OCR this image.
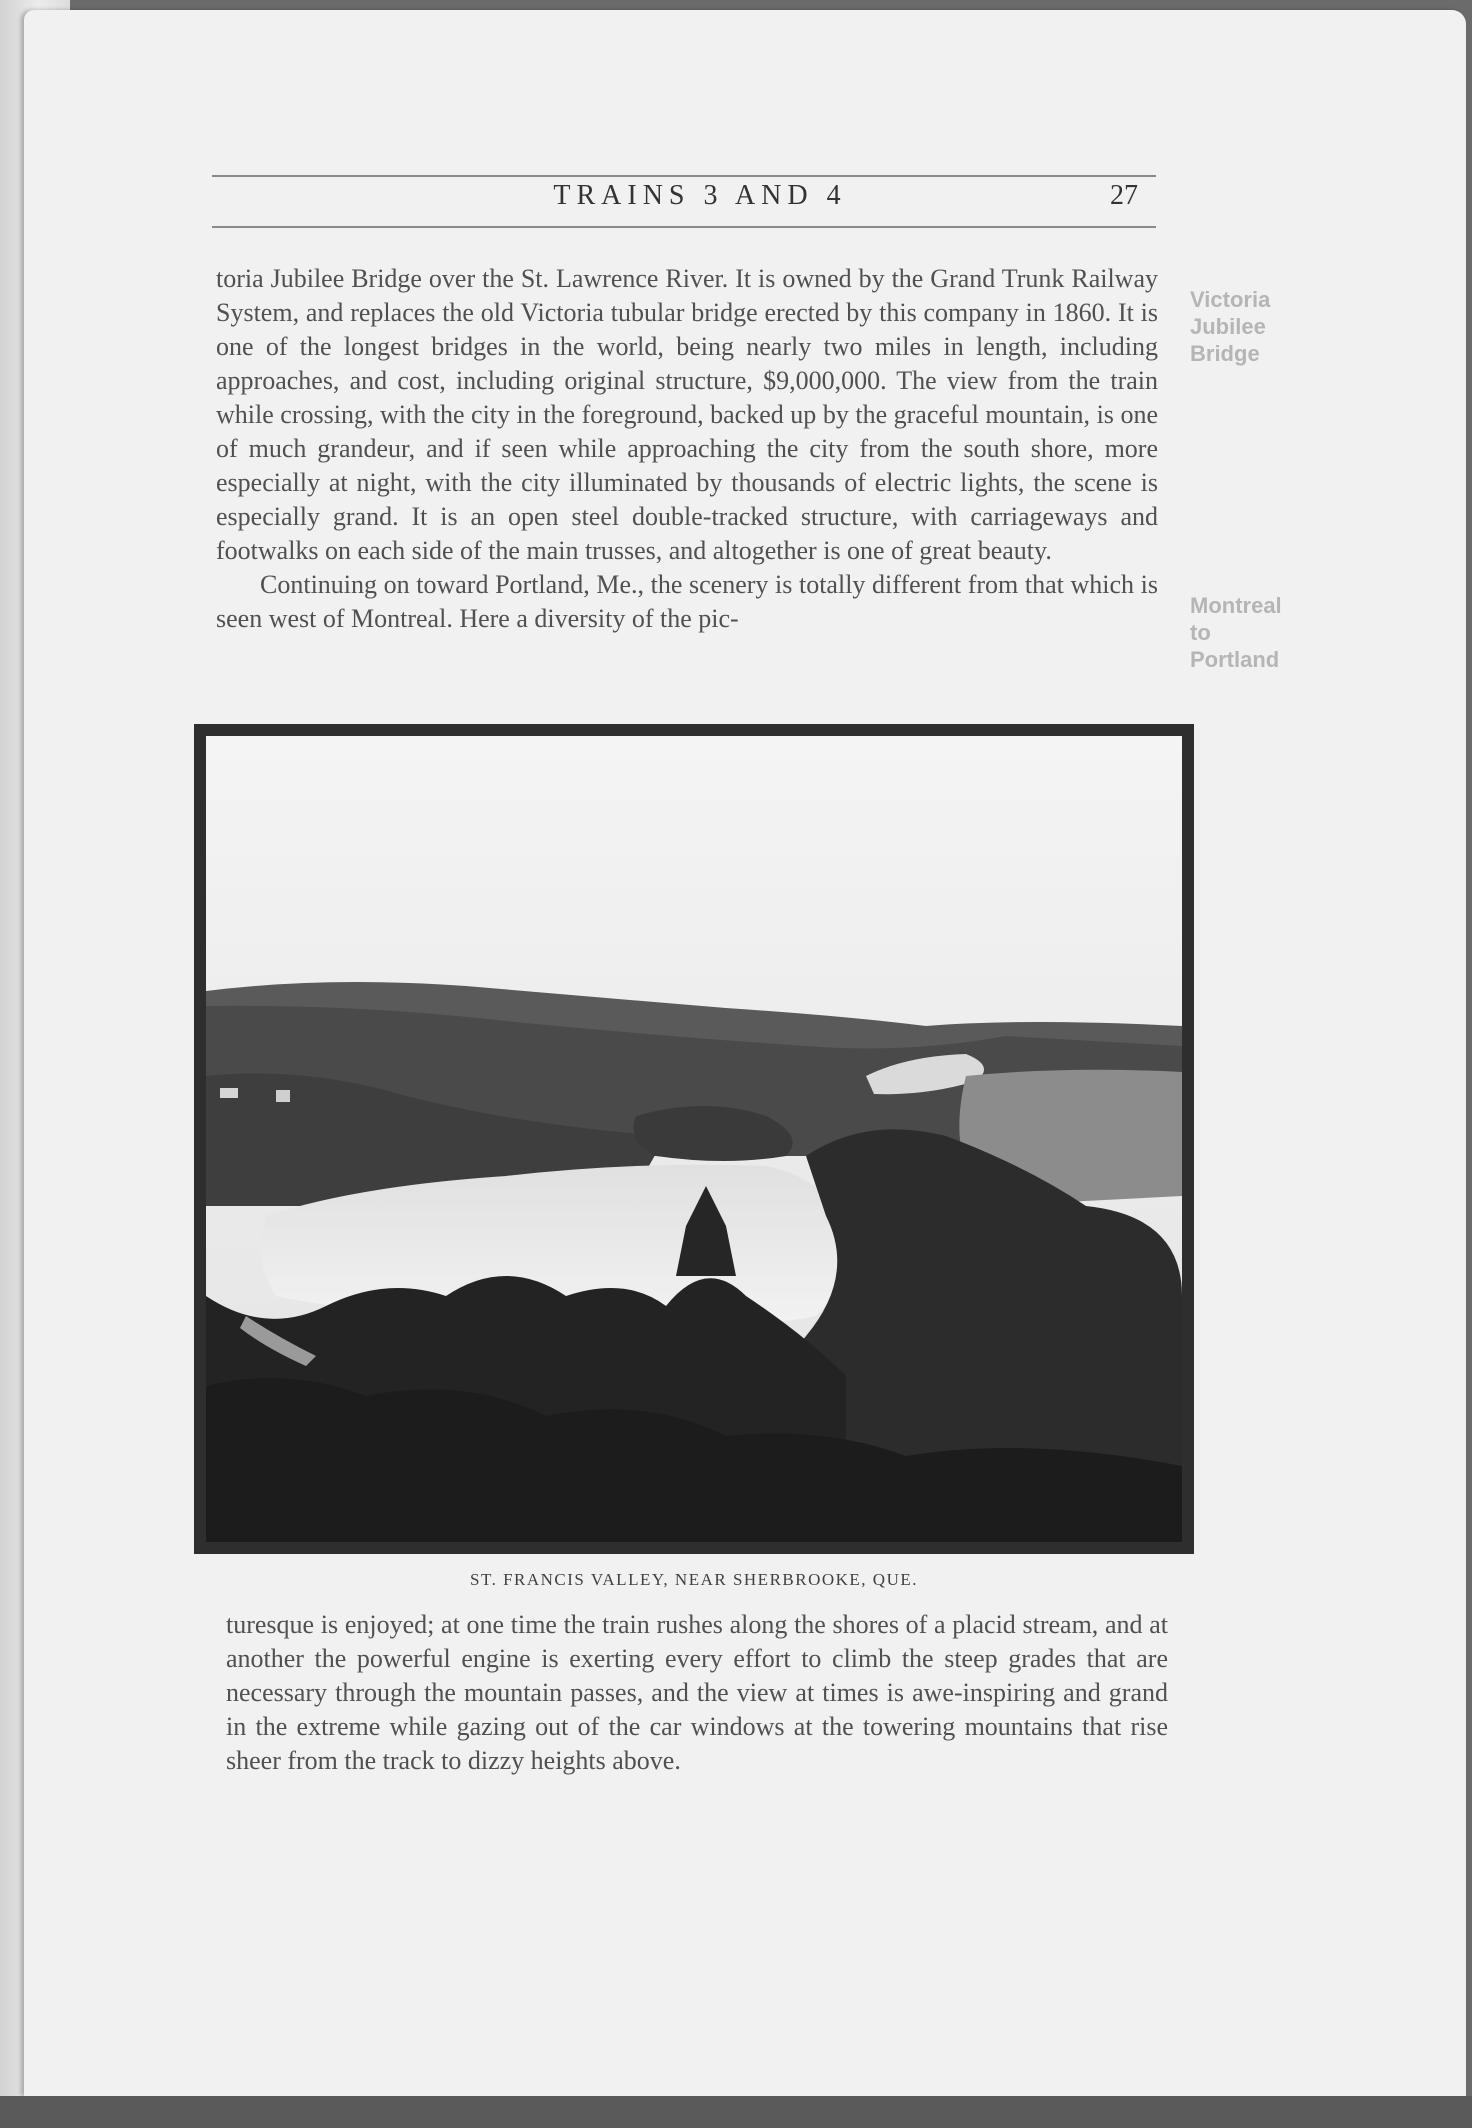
TRAINS 3 AND 4	27

toria Jubilee Bridge over the St. Lawrence River. It is owned by the Grand Trunk Railway System, and replaces the old Victoria tubular bridge erected by this company in 1860. It is one of the longest bridges in the world, being nearly two miles in length, including approaches, and cost, including original structure, $9,000,000. The view from the train while crossing, with the city in the foreground, backed up by the graceful mountain, is one of much grandeur, and if seen while approaching the city from the south shore, more especially at night, with the city illuminated by thousands of electric lights, the scene is especially grand. It is an open steel double-tracked structure, with carriageways and footwalks on each side of the main trusses, and altogether is one of great beauty.

Continuing on toward Portland, Me., the scenery is totally different from that which is seen west of Montreal. Here a diversity of the pic-

Victoria
Jubilee
Bridge
Montreal
to
Portland
ST. FRANCIS VALLEY, NEAR SHERBROOKE, QUE.

turesque is enjoyed; at one time the train rushes along the shores of a placid stream, and at another the powerful engine is exerting every effort to climb the steep grades that are necessary through the mountain passes, and the view at times is awe-inspiring and grand in the extreme while gazing out of the car windows at the towering mountains that rise sheer from the track to dizzy heights above.
